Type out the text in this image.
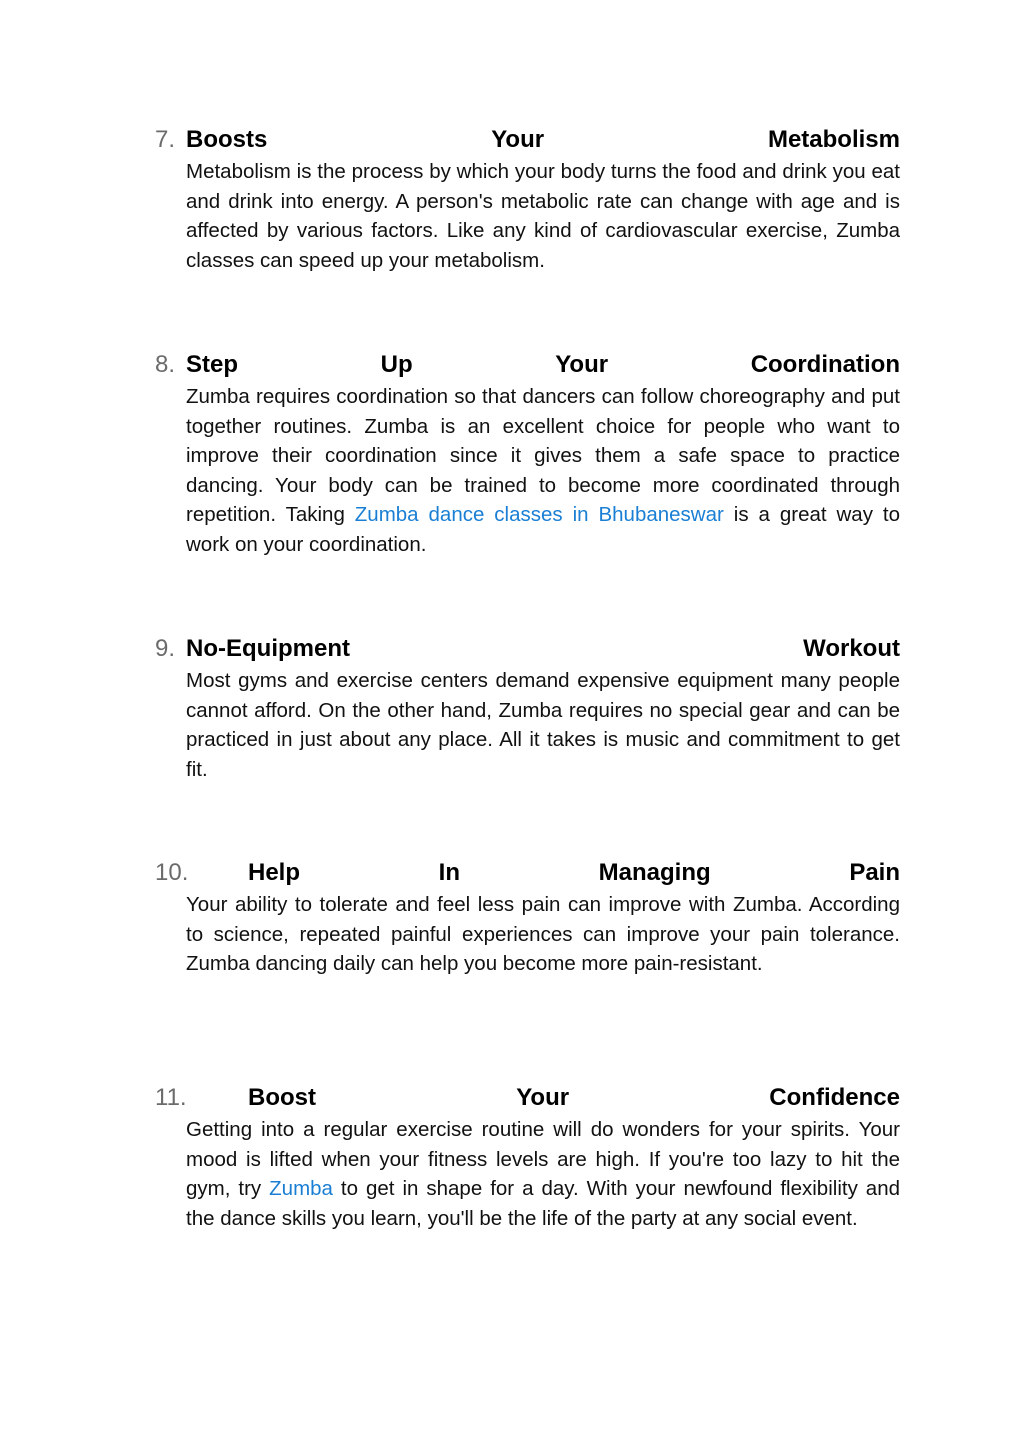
7. Boosts	Your	Metabolism
Metabolism is the process by which your body turns the food and drink you eat and drink into energy. A person's metabolic rate can change with age and is affected by various factors. Like any kind of cardiovascular exercise, Zumba classes can speed up your metabolism.
8. Step	Up	Your	Coordination
Zumba requires coordination so that dancers can follow choreography and put together routines. Zumba is an excellent choice for people who want to improve their coordination since it gives them a safe space to practice dancing. Your body can be trained to become more coordinated through repetition. Taking Zumba dance classes in Bhubaneswar is a great way to work on your coordination.
9. No-Equipment	Workout
Most gyms and exercise centers demand expensive equipment many people cannot afford. On the other hand, Zumba requires no special gear and can be practiced in just about any place. All it takes is music and commitment to get fit.
10. Help	In	Managing	Pain
Your ability to tolerate and feel less pain can improve with Zumba. According to science, repeated painful experiences can improve your pain tolerance. Zumba dancing daily can help you become more pain-resistant.
11.	Boost	Your	Confidence
Getting into a regular exercise routine will do wonders for your spirits. Your mood is lifted when your fitness levels are high. If you're too lazy to hit the gym, try Zumba to get in shape for a day. With your newfound flexibility and the dance skills you learn, you'll be the life of the party at any social event.
